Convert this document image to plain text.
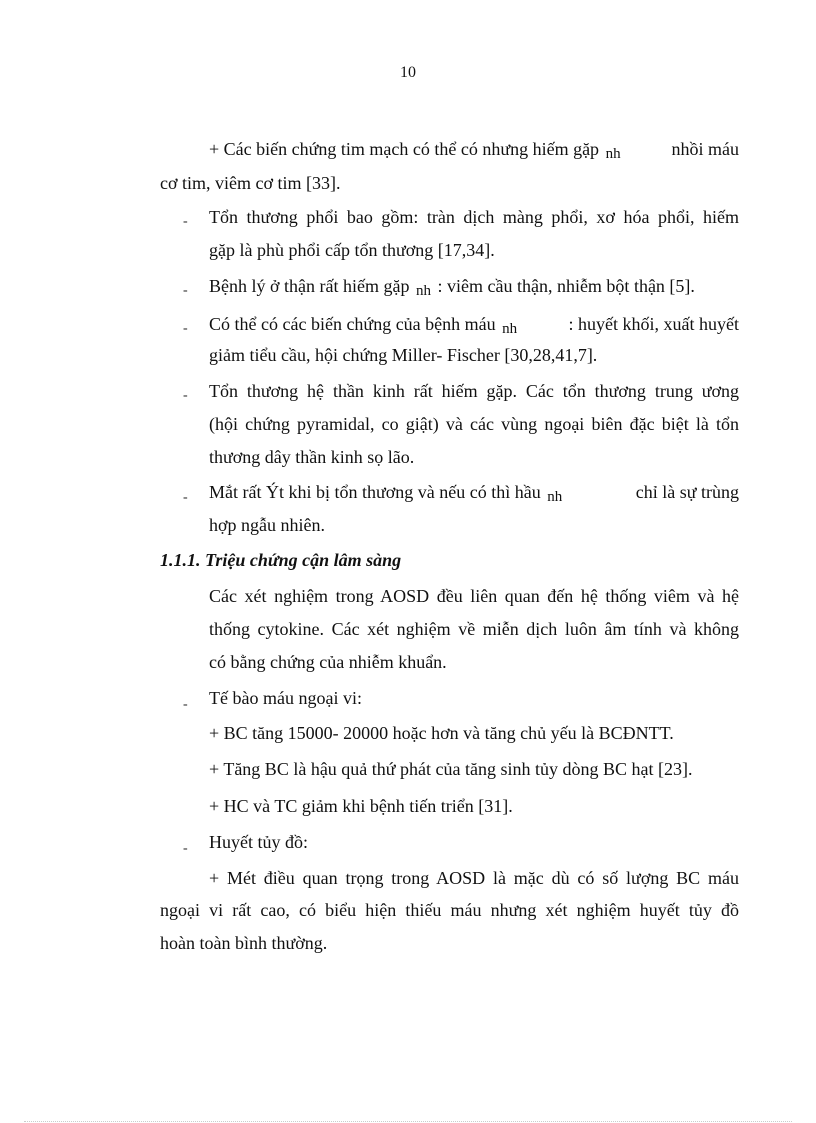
10
+ Các biến chứng tim mạch có thể có nhưng hiếm gặp nh	nhồi máu
cơ tim, viêm cơ tim [33].
- Tổn thương phổi bao gồm: tràn dịch màng phổi, xơ hóa phổi, hiếm
gặp là phù phổi cấp tổn thương [17,34].
- Bệnh lý ở thận rất hiếm gặp nh : viêm cầu thận, nhiễm bột thận [5].
- Có thể có các biến chứng của bệnh máu nh	: huyết khối, xuất huyết
giảm tiểu cầu, hội chứng Miller- Fischer [30,28,41,7].
- Tổn thương hệ thần kinh rất hiếm gặp. Các tổn thương trung ương
(hội chứng pyramidal, co giật) và các vùng ngoại biên đặc biệt là tổn
thương dây thần kinh sọ lão.
- Mắt rất Ýt khi bị tổn thương và nếu có thì hầu nh	chỉ là sự trùng
hợp ngẫu nhiên.
1.1.1. Triệu chứng cận lâm sàng
Các xét nghiệm trong AOSD đều liên quan đến hệ thống viêm và hệ
thống cytokine. Các xét nghiệm về miễn dịch luôn âm tính và không
có bằng chứng của nhiễm khuẩn.
- Tế bào máu ngoại vi:
+ BC tăng 15000- 20000 hoặc hơn và tăng chủ yếu là BCĐNTT.
+ Tăng BC là hậu quả thứ phát của tăng sinh tủy dòng BC hạt [23].
+ HC và TC giảm khi bệnh tiến triển [31].
- Huyết tủy đồ:
+ Mét điều quan trọng trong AOSD là mặc dù có số lượng BC máu
ngoại vi rất cao, có biểu hiện thiếu máu nhưng xét nghiệm huyết tủy đồ
hoàn toàn bình thường.
